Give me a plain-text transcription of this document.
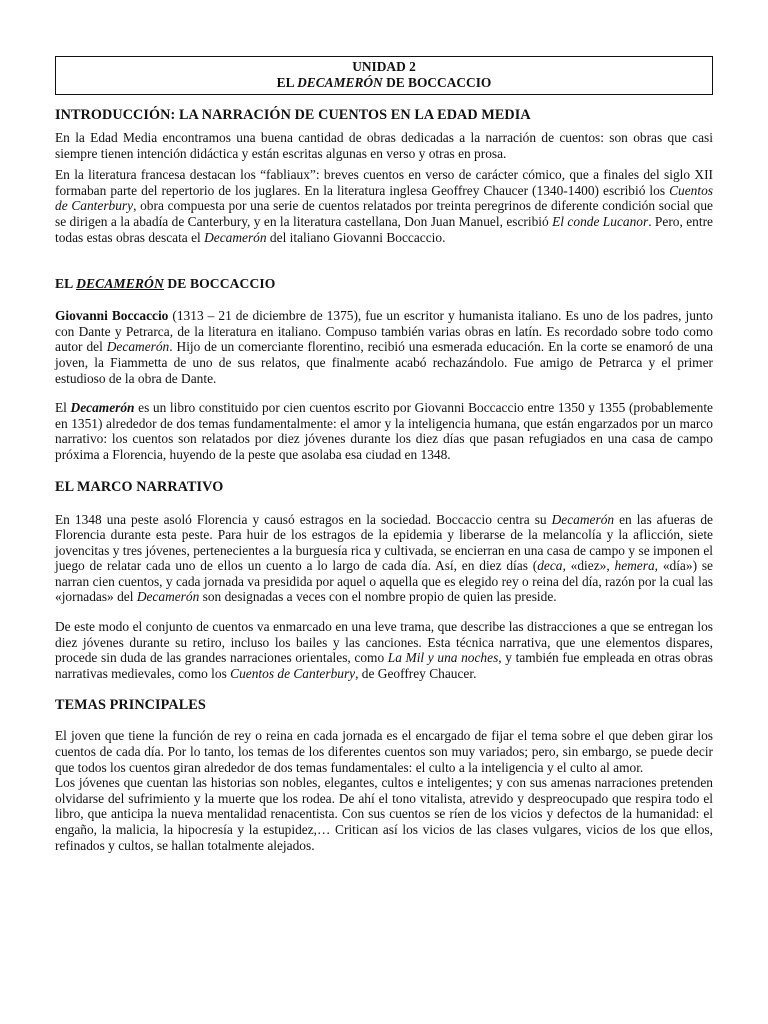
UNIDAD 2
EL DECAMERÓN DE BOCCACCIO
INTRODUCCIÓN: LA NARRACIÓN DE CUENTOS EN LA EDAD MEDIA

En la Edad Media encontramos una buena cantidad de obras dedicadas a la narración de cuentos: son obras que casi siempre tienen intención didáctica y están escritas algunas en verso y otras en prosa.

En la literatura francesa destacan los “fabliaux”: breves cuentos en verso de carácter cómico, que a finales del siglo XII formaban parte del repertorio de los juglares. En la literatura inglesa Geoffrey Chaucer (1340-1400) escribió los Cuentos de Canterbury, obra compuesta por una serie de cuentos relatados por treinta peregrinos de diferente condición social que se dirigen a la abadía de Canterbury, y en la literatura castellana, Don Juan Manuel, escribió El conde Lucanor. Pero, entre todas estas obras descata el Decamerón del italiano Giovanni Boccaccio.

EL DECAMERÓN DE BOCCACCIO

Giovanni Boccaccio (1313 – 21 de diciembre de 1375), fue un escritor y humanista italiano. Es uno de los padres, junto con Dante y Petrarca, de la literatura en italiano. Compuso también varias obras en latín. Es recordado sobre todo como autor del Decamerón. Hijo de un comerciante florentino, recibió una esmerada educación. En la corte se enamoró de una joven, la Fiammetta de uno de sus relatos, que finalmente acabó rechazándolo. Fue amigo de Petrarca y el primer estudioso de la obra de Dante.

El Decamerón es un libro constituido por cien cuentos escrito por Giovanni Boccaccio entre 1350 y 1355 (probablemente en 1351) alrededor de dos temas fundamentalmente: el amor y la inteligencia humana, que están engarzados por un marco narrativo: los cuentos son relatados por diez jóvenes durante los diez días que pasan refugiados en una casa de campo próxima a Florencia, huyendo de la peste que asolaba esa ciudad en 1348.

EL MARCO NARRATIVO

En 1348 una peste asoló Florencia y causó estragos en la sociedad. Boccaccio centra su Decamerón en las afueras de Florencia durante esta peste. Para huir de los estragos de la epidemia y liberarse de la melancolía y la aflicción, siete jovencitas y tres jóvenes, pertenecientes a la burguesía rica y cultivada, se encierran en una casa de campo y se imponen el juego de relatar cada uno de ellos un cuento a lo largo de cada día. Así, en diez días (deca, «diez», hemera, «día») se narran cien cuentos, y cada jornada va presidida por aquel o aquella que es elegido rey o reina del día, razón por la cual las «jornadas» del Decamerón son designadas a veces con el nombre propio de quien las preside.

De este modo el conjunto de cuentos va enmarcado en una leve trama, que describe las distracciones a que se entregan los diez jóvenes durante su retiro, incluso los bailes y las canciones. Esta técnica narrativa, que une elementos dispares, procede sin duda de las grandes narraciones orientales, como La Mil y una noches, y también fue empleada en otras obras narrativas medievales, como los Cuentos de Canterbury, de Geoffrey Chaucer.

TEMAS PRINCIPALES

El joven que tiene la función de rey o reina en cada jornada es el encargado de fijar el tema sobre el que deben girar los cuentos de cada día. Por lo tanto, los temas de los diferentes cuentos son muy variados; pero, sin embargo, se puede decir que todos los cuentos giran alrededor de dos temas fundamentales: el culto a la inteligencia y el culto al amor.

Los jóvenes que cuentan las historias son nobles, elegantes, cultos e inteligentes; y con sus amenas narraciones pretenden olvidarse del sufrimiento y la muerte que los rodea. De ahí el tono vitalista, atrevido y despreocupado que respira todo el libro, que anticipa la nueva mentalidad renacentista. Con sus cuentos se ríen de los vicios y defectos de la humanidad: el engaño, la malicia, la hipocresía y la estupidez,… Critican así los vicios de las clases vulgares, vicios de los que ellos, refinados y cultos, se hallan totalmente alejados.
